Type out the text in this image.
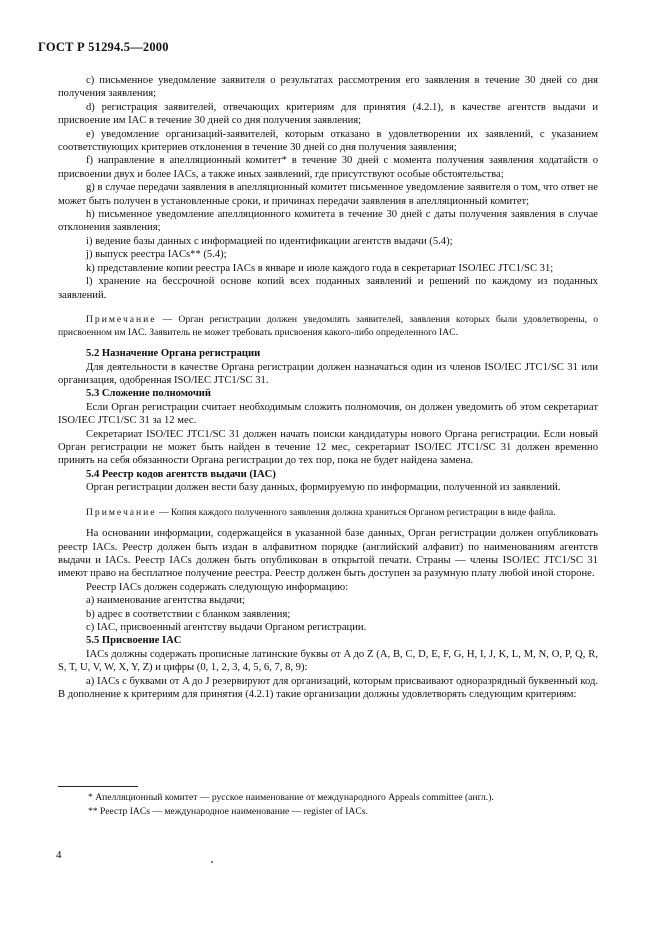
ГОСТ Р 51294.5—2000

c) письменное уведомление заявителя о результатах рассмотрения его заявления в течение 30 дней со дня получения заявления;

d) регистрация заявителей, отвечающих критериям для принятия (4.2.1), в качестве агентств выдачи и присвоение им IAC в течение 30 дней со дня получения заявления;

е) уведомление организаций-заявителей, которым отказано в удовлетворении их заявлений, с указанием соответствующих критериев отклонения в течение 30 дней со дня получения заявления;

f) направление в апелляционный комитет* в течение 30 дней с момента получения заявления ходатайств о присвоении двух и более IACs, а также иных заявлений, где присутствуют особые обстоятельства;

g) в случае передачи заявления в апелляционный комитет письменное уведомление заявителя о том, что ответ не может быть получен в установленные сроки, и причинах передачи заявления в апелляционный комитет;

h) письменное уведомление апелляционного комитета в течение 30 дней с даты получения заявления в случае отклонения заявления;

i) ведение базы данных с информацией по идентификации агентств выдачи (5.4);

j) выпуск реестра IACs** (5.4);

k) представление копии реестра IACs в январе и июле каждого года в секретариат ISO/IEC JTC1/SC 31;

l) хранение на бессрочной основе копий всех поданных заявлений и решений по каждому из поданных заявлений.

Примечание — Орган регистрации должен уведомлять заявителей, заявления которых были удовлетворены, о присвоенном им IAC. Заявитель не может требовать присвоения какого-либо определенного IAC.

5.2 Назначение Органа регистрации

Для деятельности в качестве Органа регистрации должен назначаться один из членов ISO/IEC JTC1/SC 31 или организация, одобренная ISO/IEC JTC1/SC 31.

5.3 Сложение полномочий

Если Орган регистрации считает необходимым сложить полномочия, он должен уведомить об этом секретариат ISO/IEC JTC1/SC 31 за 12 мес.

Секретариат ISO/IEC JTC1/SC 31 должен начать поиски кандидатуры нового Органа регистрации. Если новый Орган регистрации не может быть найден в течение 12 мес, секретариат ISO/IEC JTC1/SC 31 должен временно принять на себя обязанности Органа регистрации до тех пор, пока не будет найдена замена.

5.4 Реестр кодов агентств выдачи (IAC)

Орган регистрации должен вести базу данных, формируемую по информации, полученной из заявлений.

Примечание — Копия каждого полученного заявления должна храниться Органом регистрации в виде файла.

На основании информации, содержащейся в указанной базе данных, Орган регистрации должен опубликовать реестр IACs. Реестр должен быть издан в алфавитном порядке (английский алфавит) по наименованиям агентств выдачи и IACs. Реестр IACs должен быть опубликован в открытой печати. Страны — члены ISO/IEC JTC1/SC 31 имеют право на бесплатное получение реестра. Реестр должен быть доступен за разумную плату любой иной стороне.

Реестр IACs должен содержать следующую информацию:

а) наименование агентства выдачи;

b) адрес в соответствии с бланком заявления;

с) IAC, присвоенный агентству выдачи Органом регистрации.

5.5 Присвоение IAC

IACs должны содержать прописные латинские буквы от A до Z (A, B, C, D, E, F, G, H, I, J, K, L, M, N, O, P, Q, R, S, T, U, V, W, X, Y, Z) и цифры (0, 1, 2, 3, 4, 5, 6, 7, 8, 9):

а) IACs с буквами от A до J резервируют для организаций, которым присваивают одноразрядный буквенный код. В дополнение к критериям для принятия (4.2.1) такие организации должны удовлетворять следующим критериям:

* Апелляционный комитет — русское наименование от международного Appeals committee (англ.).

** Реестр IACs — международное наименование — register of IACs.

4
